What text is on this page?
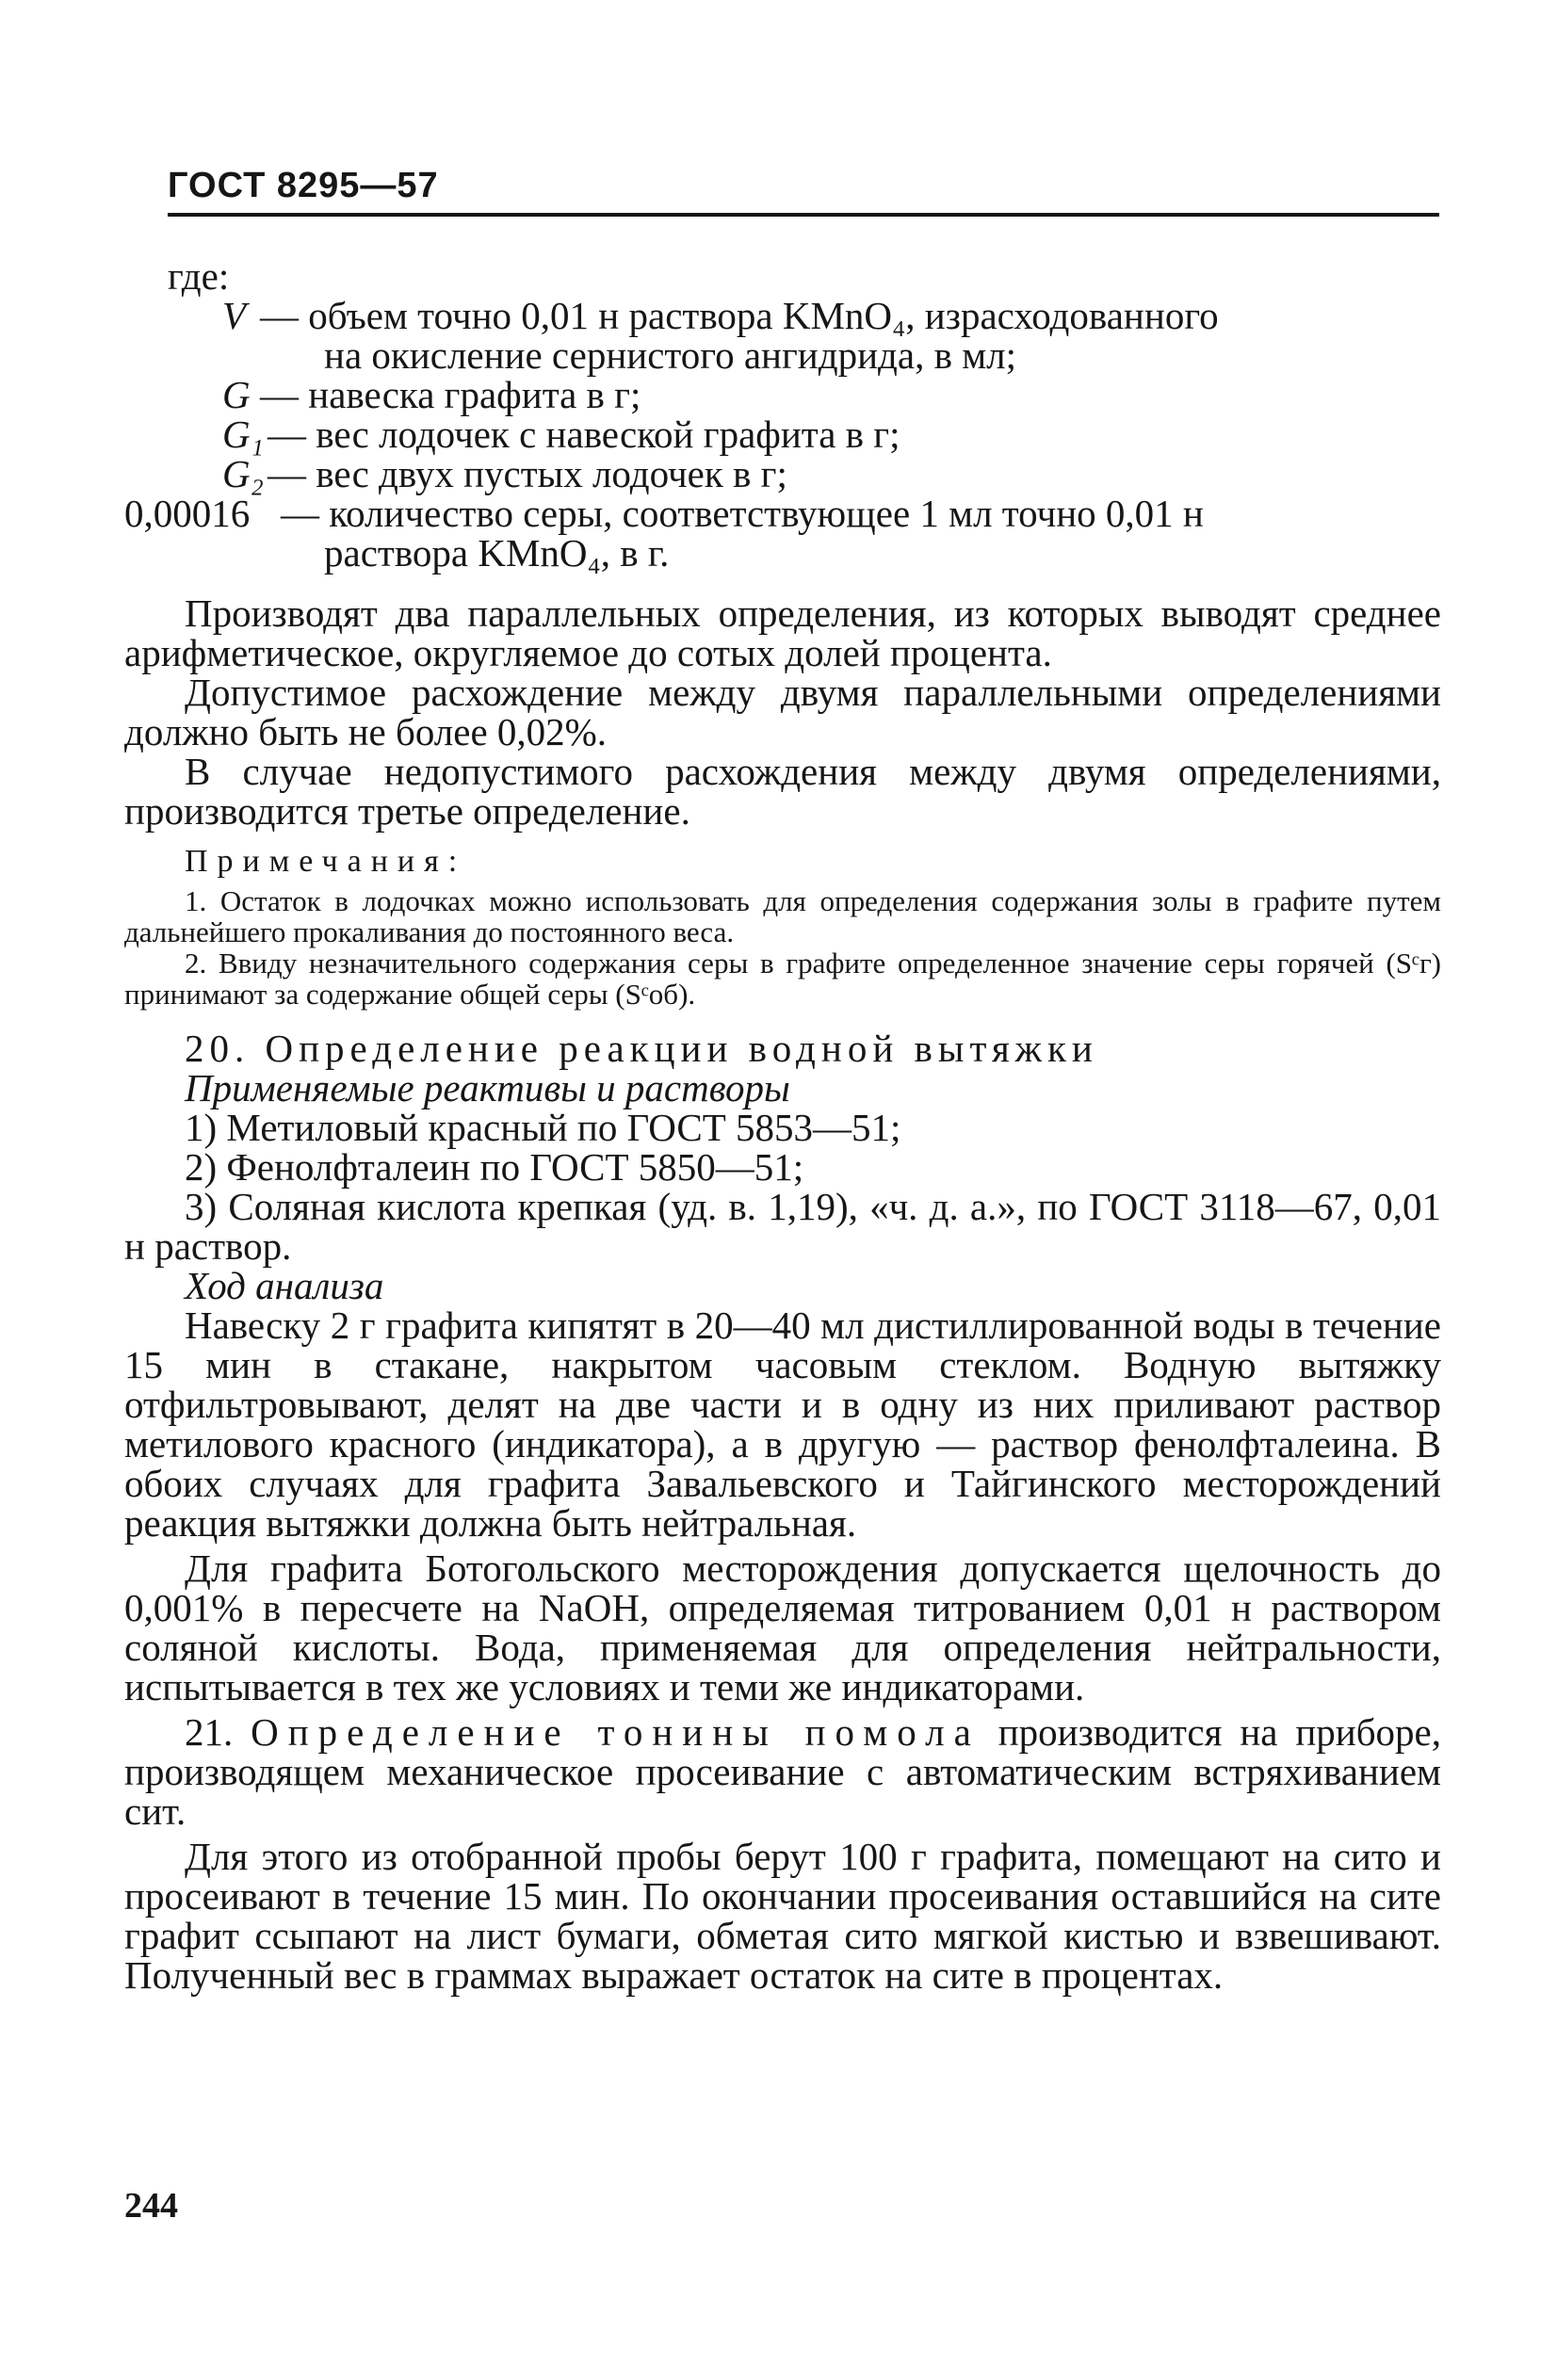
ГОСТ 8295—57
где:
V — объем точно 0,01 н раствора KMnO₄, израсходованного
на окисление сернистого ангидрида, в мл;
G — навеска графита в г;
G₁ — вес лодочек с навеской графита в г;
G₂ — вес двух пустых лодочек в г;
0,00016 — количество серы, соответствующее 1 мл точно 0,01 н
раствора KMnO₄, в г.

Производят два параллельных определения, из которых выводят среднее арифметическое, округляемое до сотых долей процента.

Допустимое расхождение между двумя параллельными определениями должно быть не более 0,02%.

В случае недопустимого расхождения между двумя определениями, производится третье определение.

Примечания:

1. Остаток в лодочках можно использовать для определения содержания золы в графите путем дальнейшего прокаливания до постоянного веса.

2. Ввиду незначительного содержания серы в графите определенное значение серы горячей (Sᶜг) принимают за содержание общей серы (Sᶜоб).

20. Определение реакции водной вытяжки
Применяемые реактивы и растворы
1) Метиловый красный по ГОСТ 5853—51;
2) Фенолфталеин по ГОСТ 5850—51;

3) Соляная кислота крепкая (уд. в. 1,19), «ч. д. а.», по ГОСТ 3118—67, 0,01 н раствор.

Ход анализа

Навеску 2 г графита кипятят в 20—40 мл дистиллированной воды в течение 15 мин в стакане, накрытом часовым стеклом. Водную вытяжку отфильтровывают, делят на две части и в одну из них приливают раствор метилового красного (индикатора), а в другую — раствор фенолфталеина. В обоих случаях для графита Завальевского и Тайгинского месторождений реакция вытяжки должна быть нейтральная.

Для графита Ботогольского месторождения допускается щелочность до 0,001% в пересчете на NaOH, определяемая титрованием 0,01 н раствором соляной кислоты. Вода, применяемая для определения нейтральности, испытывается в тех же условиях и теми же индикаторами.

21. Определение тонины помола производится на приборе, производящем механическое просеивание с автоматическим встряхиванием сит.

Для этого из отобранной пробы берут 100 г графита, помещают на сито и просеивают в течение 15 мин. По окончании просеивания оставшийся на сите графит ссыпают на лист бумаги, обметая сито мягкой кистью и взвешивают. Полученный вес в граммах выражает остаток на сите в процентах.

244
